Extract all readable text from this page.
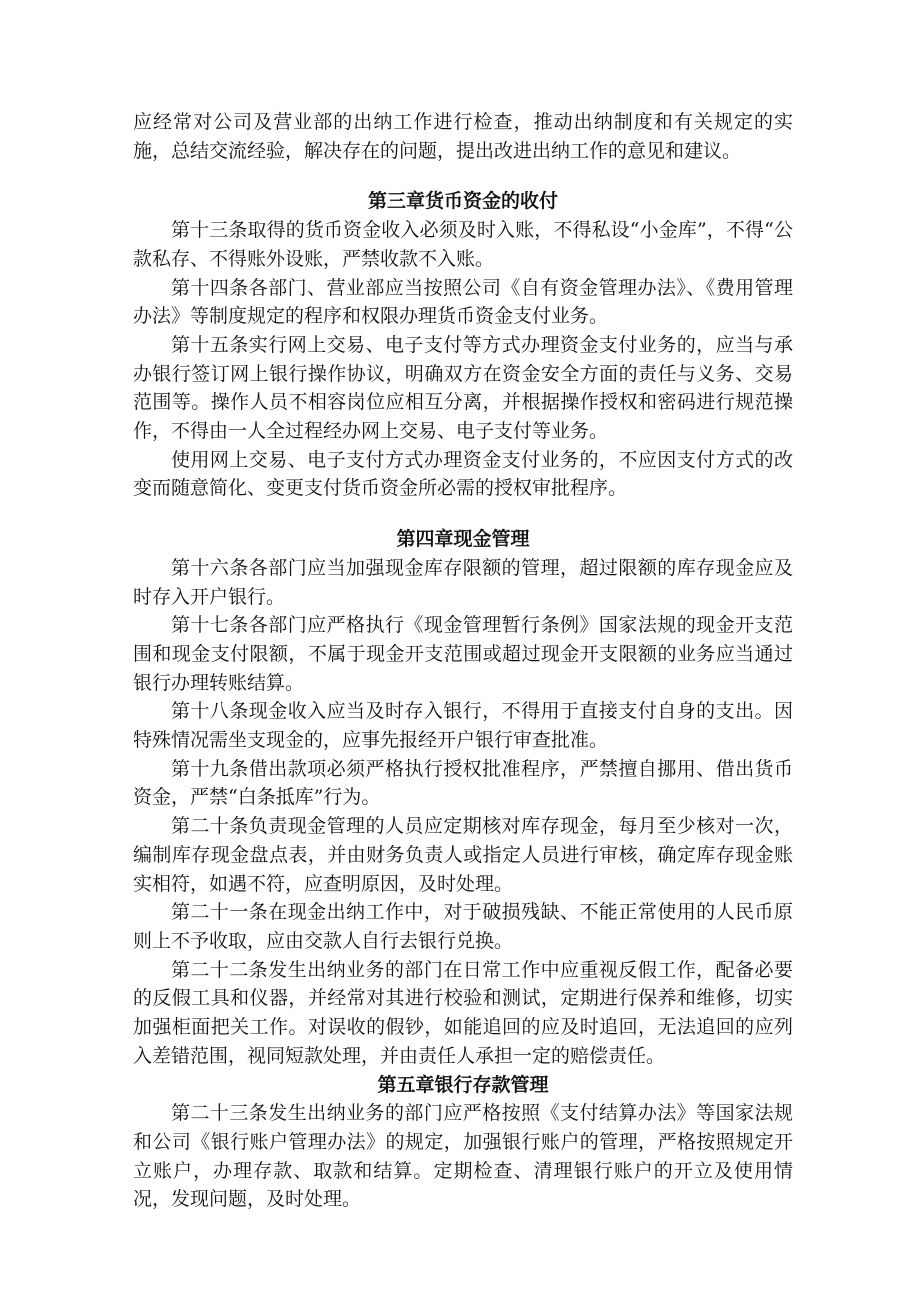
应经常对公司及营业部的出纳工作进行检查，推动出纳制度和有关规定的实施，总结交流经验，解决存在的问题，提出改进出纳工作的意见和建议。

第三章货币资金的收付

第十三条取得的货币资金收入必须及时入账，不得私设“小金库”，不得“公款私存、不得账外设账，严禁收款不入账。

第十四条各部门、营业部应当按照公司《自有资金管理办法》、《费用管理办法》等制度规定的程序和权限办理货币资金支付业务。

第十五条实行网上交易、电子支付等方式办理资金支付业务的，应当与承办银行签订网上银行操作协议，明确双方在资金安全方面的责任与义务、交易范围等。操作人员不相容岗位应相互分离，并根据操作授权和密码进行规范操作，不得由一人全过程经办网上交易、电子支付等业务。

使用网上交易、电子支付方式办理资金支付业务的，不应因支付方式的改变而随意简化、变更支付货币资金所必需的授权审批程序。

第四章现金管理

第十六条各部门应当加强现金库存限额的管理，超过限额的库存现金应及时存入开户银行。

第十七条各部门应严格执行《现金管理暂行条例》国家法规的现金开支范围和现金支付限额，不属于现金开支范围或超过现金开支限额的业务应当通过银行办理转账结算。

第十八条现金收入应当及时存入银行，不得用于直接支付自身的支出。因特殊情况需坐支现金的，应事先报经开户银行审查批准。

第十九条借出款项必须严格执行授权批准程序，严禁擅自挪用、借出货币资金，严禁“白条抵库”行为。

第二十条负责现金管理的人员应定期核对库存现金，每月至少核对一次，编制库存现金盘点表，并由财务负责人或指定人员进行审核，确定库存现金账实相符，如遇不符，应查明原因，及时处理。

第二十一条在现金出纳工作中，对于破损残缺、不能正常使用的人民币原则上不予收取，应由交款人自行去银行兑换。

第二十二条发生出纳业务的部门在日常工作中应重视反假工作，配备必要的反假工具和仪器，并经常对其进行校验和测试，定期进行保养和维修，切实加强柜面把关工作。对误收的假钞，如能追回的应及时追回，无法追回的应列入差错范围，视同短款处理，并由责任人承担一定的赔偿责任。

第五章银行存款管理

第二十三条发生出纳业务的部门应严格按照《支付结算办法》等国家法规和公司《银行账户管理办法》的规定，加强银行账户的管理，严格按照规定开立账户，办理存款、取款和结算。定期检查、清理银行账户的开立及使用情况，发现问题，及时处理。
